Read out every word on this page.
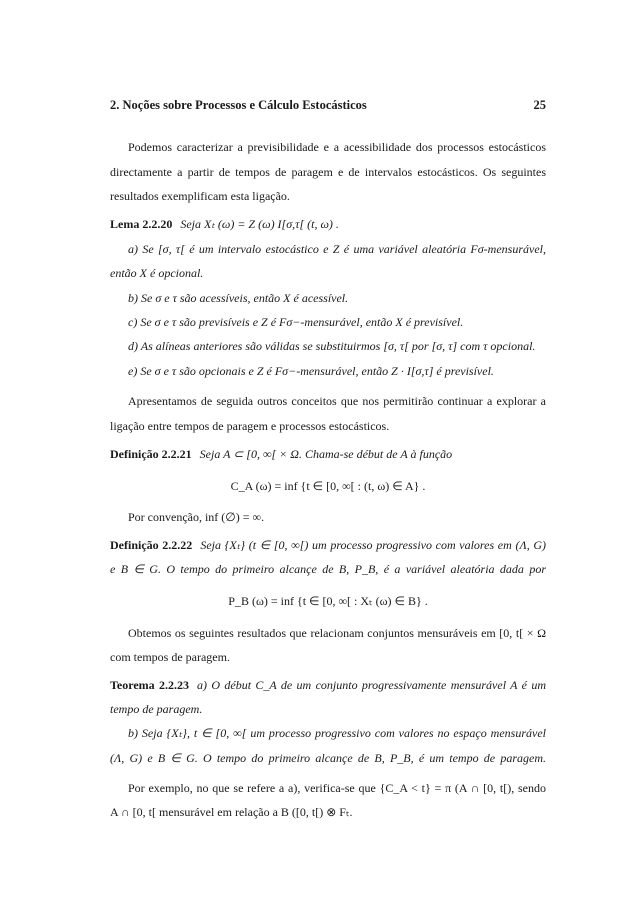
2. Noções sobre Processos e Cálculo Estocásticos	25
Podemos caracterizar a previsibilidade e a acessibilidade dos processos estocásticos
directamente a partir de tempos de paragem e de intervalos estocásticos. Os seguintes
resultados exemplificam esta ligação.
Lema 2.2.20 Seja Xₜ (ω) = Z (ω) I[σ,τ[ (t, ω) .
a) Se [σ, τ[ é um intervalo estocástico e Z é uma variável aleatória Fσ-mensurável,
então X é opcional.
b) Se σ e τ são acessíveis, então X é acessível.
c) Se σ e τ são previsíveis e Z é Fσ−-mensurável, então X é previsível.
d) As alíneas anteriores são válidas se substituirmos [σ, τ[ por [σ, τ] com τ opcional.
e) Se σ e τ são opcionais e Z é Fσ−-mensurável, então Z · I[σ,τ] é previsível.
Apresentamos de seguida outros conceitos que nos permitirão continuar a explorar a
ligação entre tempos de paragem e processos estocásticos.
Definição 2.2.21 Seja A ⊂ [0, ∞[ × Ω. Chama-se début de A à função
C_A (ω) = inf {t ∈ [0, ∞[ : (t, ω) ∈ A} .
Por convenção, inf (∅) = ∞.
Definição 2.2.22 Seja {Xₜ} (t ∈ [0, ∞[) um processo progressivo com valores em (Λ, G)
e B ∈ G. O tempo do primeiro alcançe de B, P_B, é a variável aleatória dada por
P_B (ω) = inf {t ∈ [0, ∞[ : Xₜ (ω) ∈ B} .
Obtemos os seguintes resultados que relacionam conjuntos mensuráveis em [0, t[ × Ω
com tempos de paragem.
Teorema 2.2.23 a) O début C_A de um conjunto progressivamente mensurável A é um
tempo de paragem.
b) Seja {Xₜ}, t ∈ [0, ∞[ um processo progressivo com valores no espaço mensurável
(Λ, G) e B ∈ G. O tempo do primeiro alcançe de B, P_B, é um tempo de paragem.
Por exemplo, no que se refere a a), verifica-se que {C_A < t} = π (A ∩ [0, t[), sendo
A ∩ [0, t[ mensurável em relação a B ([0, t[) ⊗ Fₜ.
